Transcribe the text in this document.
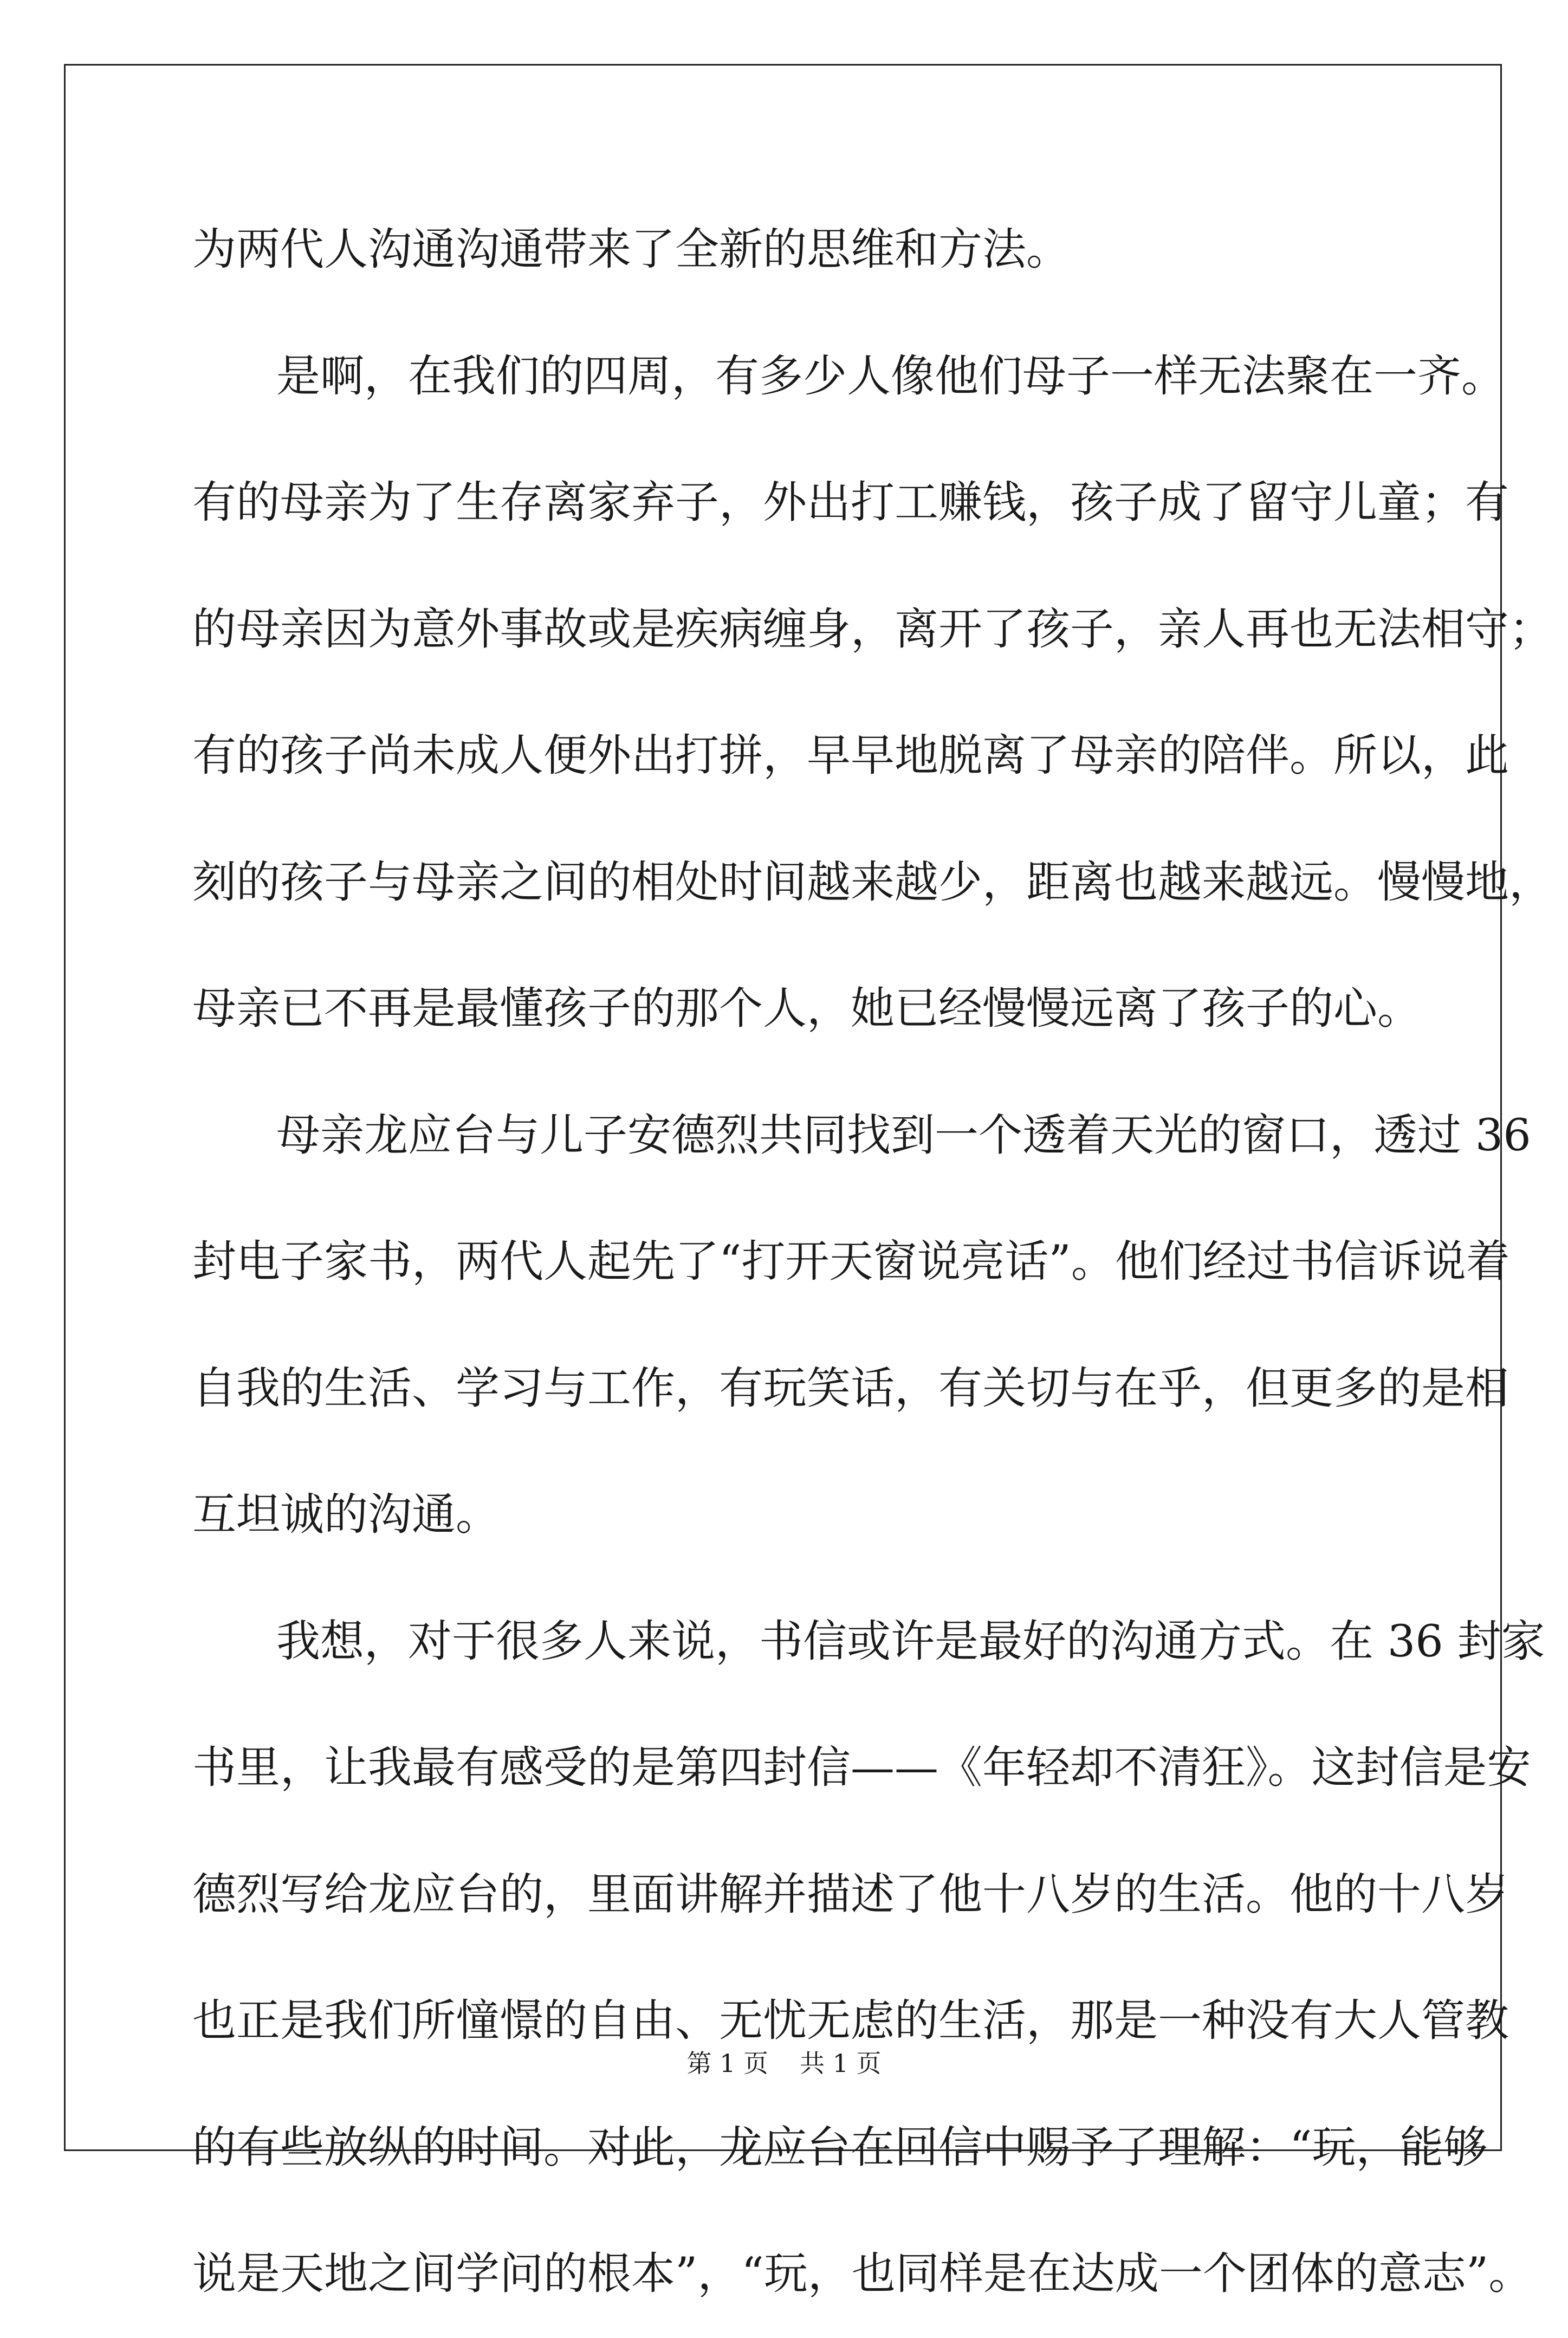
为两代人沟通沟通带来了全新的思维和方法。
是啊，在我们的四周，有多少人像他们母子一样无法聚在一齐。
有的母亲为了生存离家弃子，外出打工赚钱，孩子成了留守儿童；有
的母亲因为意外事故或是疾病缠身，离开了孩子，亲人再也无法相守；
有的孩子尚未成人便外出打拼，早早地脱离了母亲的陪伴。所以，此
刻的孩子与母亲之间的相处时间越来越少，距离也越来越远。慢慢地，
母亲已不再是最懂孩子的那个人，她已经慢慢远离了孩子的心。
母亲龙应台与儿子安德烈共同找到一个透着天光的窗口，透过 36
封电子家书，两代人起先了“打开天窗说亮话”。他们经过书信诉说着
自我的生活、学习与工作，有玩笑话，有关切与在乎，但更多的是相
互坦诚的沟通。
我想，对于很多人来说，书信或许是最好的沟通方式。在 36 封家
书里，让我最有感受的是第四封信——《年轻却不清狂》。这封信是安
德烈写给龙应台的，里面讲解并描述了他十八岁的生活。他的十八岁
也正是我们所憧憬的自由、无忧无虑的生活，那是一种没有大人管教
的有些放纵的时间。对此，龙应台在回信中赐予了理解：“玩，能够
说是天地之间学问的根本”，“玩，也同样是在达成一个团体的意志”。
第 1 页 共 1 页
